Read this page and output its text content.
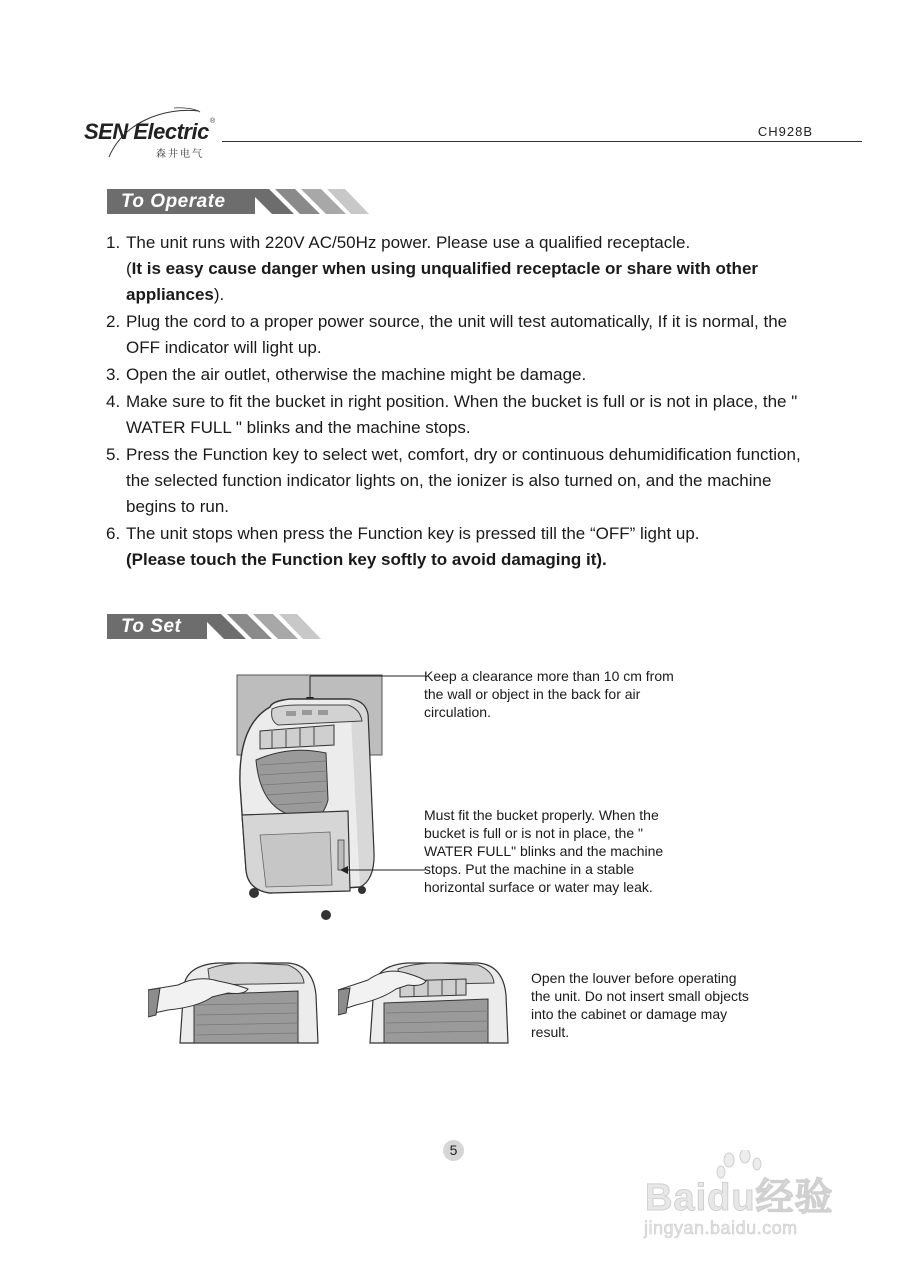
SEN Electric ®
森井电气
CH928B
To Operate
1. The unit runs with 220V AC/50Hz power. Please use a qualified receptacle.
(It is easy cause danger when using unqualified receptacle or share with other appliances).
2. Plug the cord to a proper power source, the unit will test automatically, If it is normal, the OFF indicator will light up.
3. Open the air outlet, otherwise the machine might be damage.
4. Make sure to fit the bucket in right position. When the bucket is full or is not in place, the " WATER FULL " blinks and the machine stops.
5. Press the Function key to select wet, comfort, dry or continuous dehumidification function, the selected function indicator lights on, the ionizer is also turned on, and the machine begins to run.
6. The unit stops when press the Function key is pressed till the “OFF” light up.
(Please touch the Function key softly to avoid damaging it).
To Set
Keep a clearance more than 10 cm from the wall or object in the back for air circulation.
Must fit the bucket properly. When the bucket is full or is not in place, the " WATER FULL" blinks and the machine stops. Put the machine in a stable horizontal surface or water may leak.
Open the louver before operating the unit. Do not insert small objects into the cabinet or damage may result.
5
Baidu经验
jingyan.baidu.com
